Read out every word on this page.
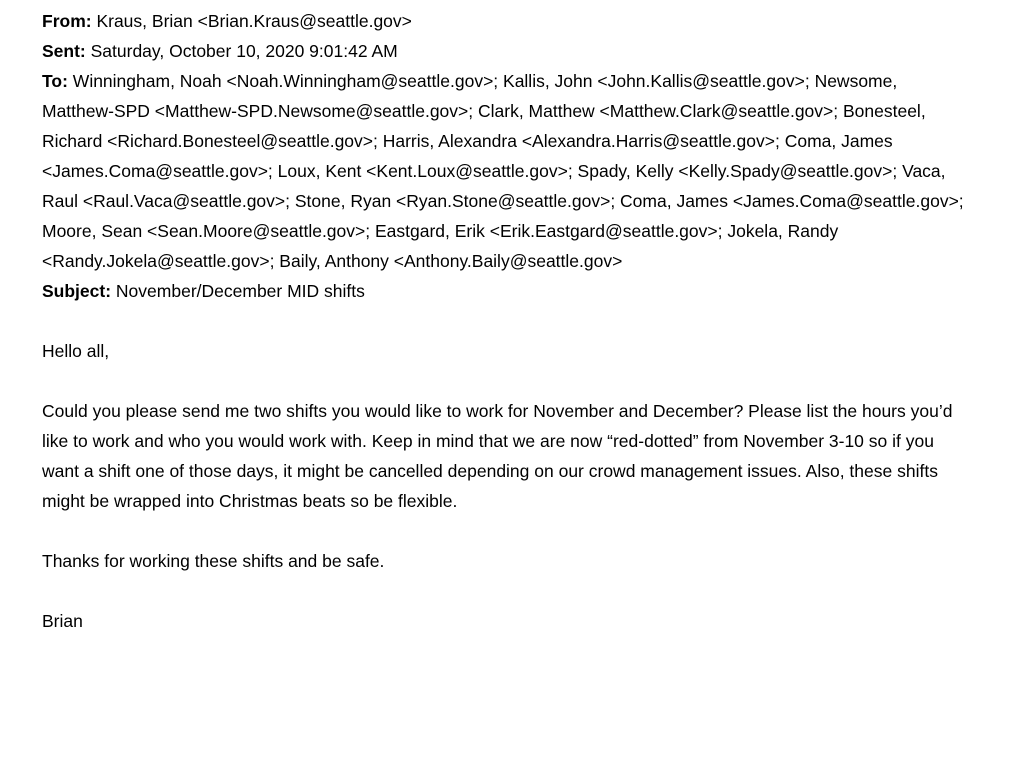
From: Kraus, Brian <Brian.Kraus@seattle.gov>

Sent: Saturday, October 10, 2020 9:01:42 AM

To: Winningham, Noah <Noah.Winningham@seattle.gov>; Kallis, John <John.Kallis@seattle.gov>; Newsome, Matthew-SPD <Matthew-SPD.Newsome@seattle.gov>; Clark, Matthew <Matthew.Clark@seattle.gov>; Bonesteel, Richard <Richard.Bonesteel@seattle.gov>; Harris, Alexandra <Alexandra.Harris@seattle.gov>; Coma, James <James.Coma@seattle.gov>; Loux, Kent <Kent.Loux@seattle.gov>; Spady, Kelly <Kelly.Spady@seattle.gov>; Vaca, Raul <Raul.Vaca@seattle.gov>; Stone, Ryan <Ryan.Stone@seattle.gov>; Coma, James <James.Coma@seattle.gov>; Moore, Sean <Sean.Moore@seattle.gov>; Eastgard, Erik <Erik.Eastgard@seattle.gov>; Jokela, Randy <Randy.Jokela@seattle.gov>; Baily, Anthony <Anthony.Baily@seattle.gov>

Subject: November/December MID shifts

Hello all,

Could you please send me two shifts you would like to work for November and December? Please list the hours you’d like to work and who you would work with. Keep in mind that we are now “red-dotted” from November 3-10 so if you want a shift one of those days, it might be cancelled depending on our crowd management issues. Also, these shifts might be wrapped into Christmas beats so be flexible.

Thanks for working these shifts and be safe.

Brian
